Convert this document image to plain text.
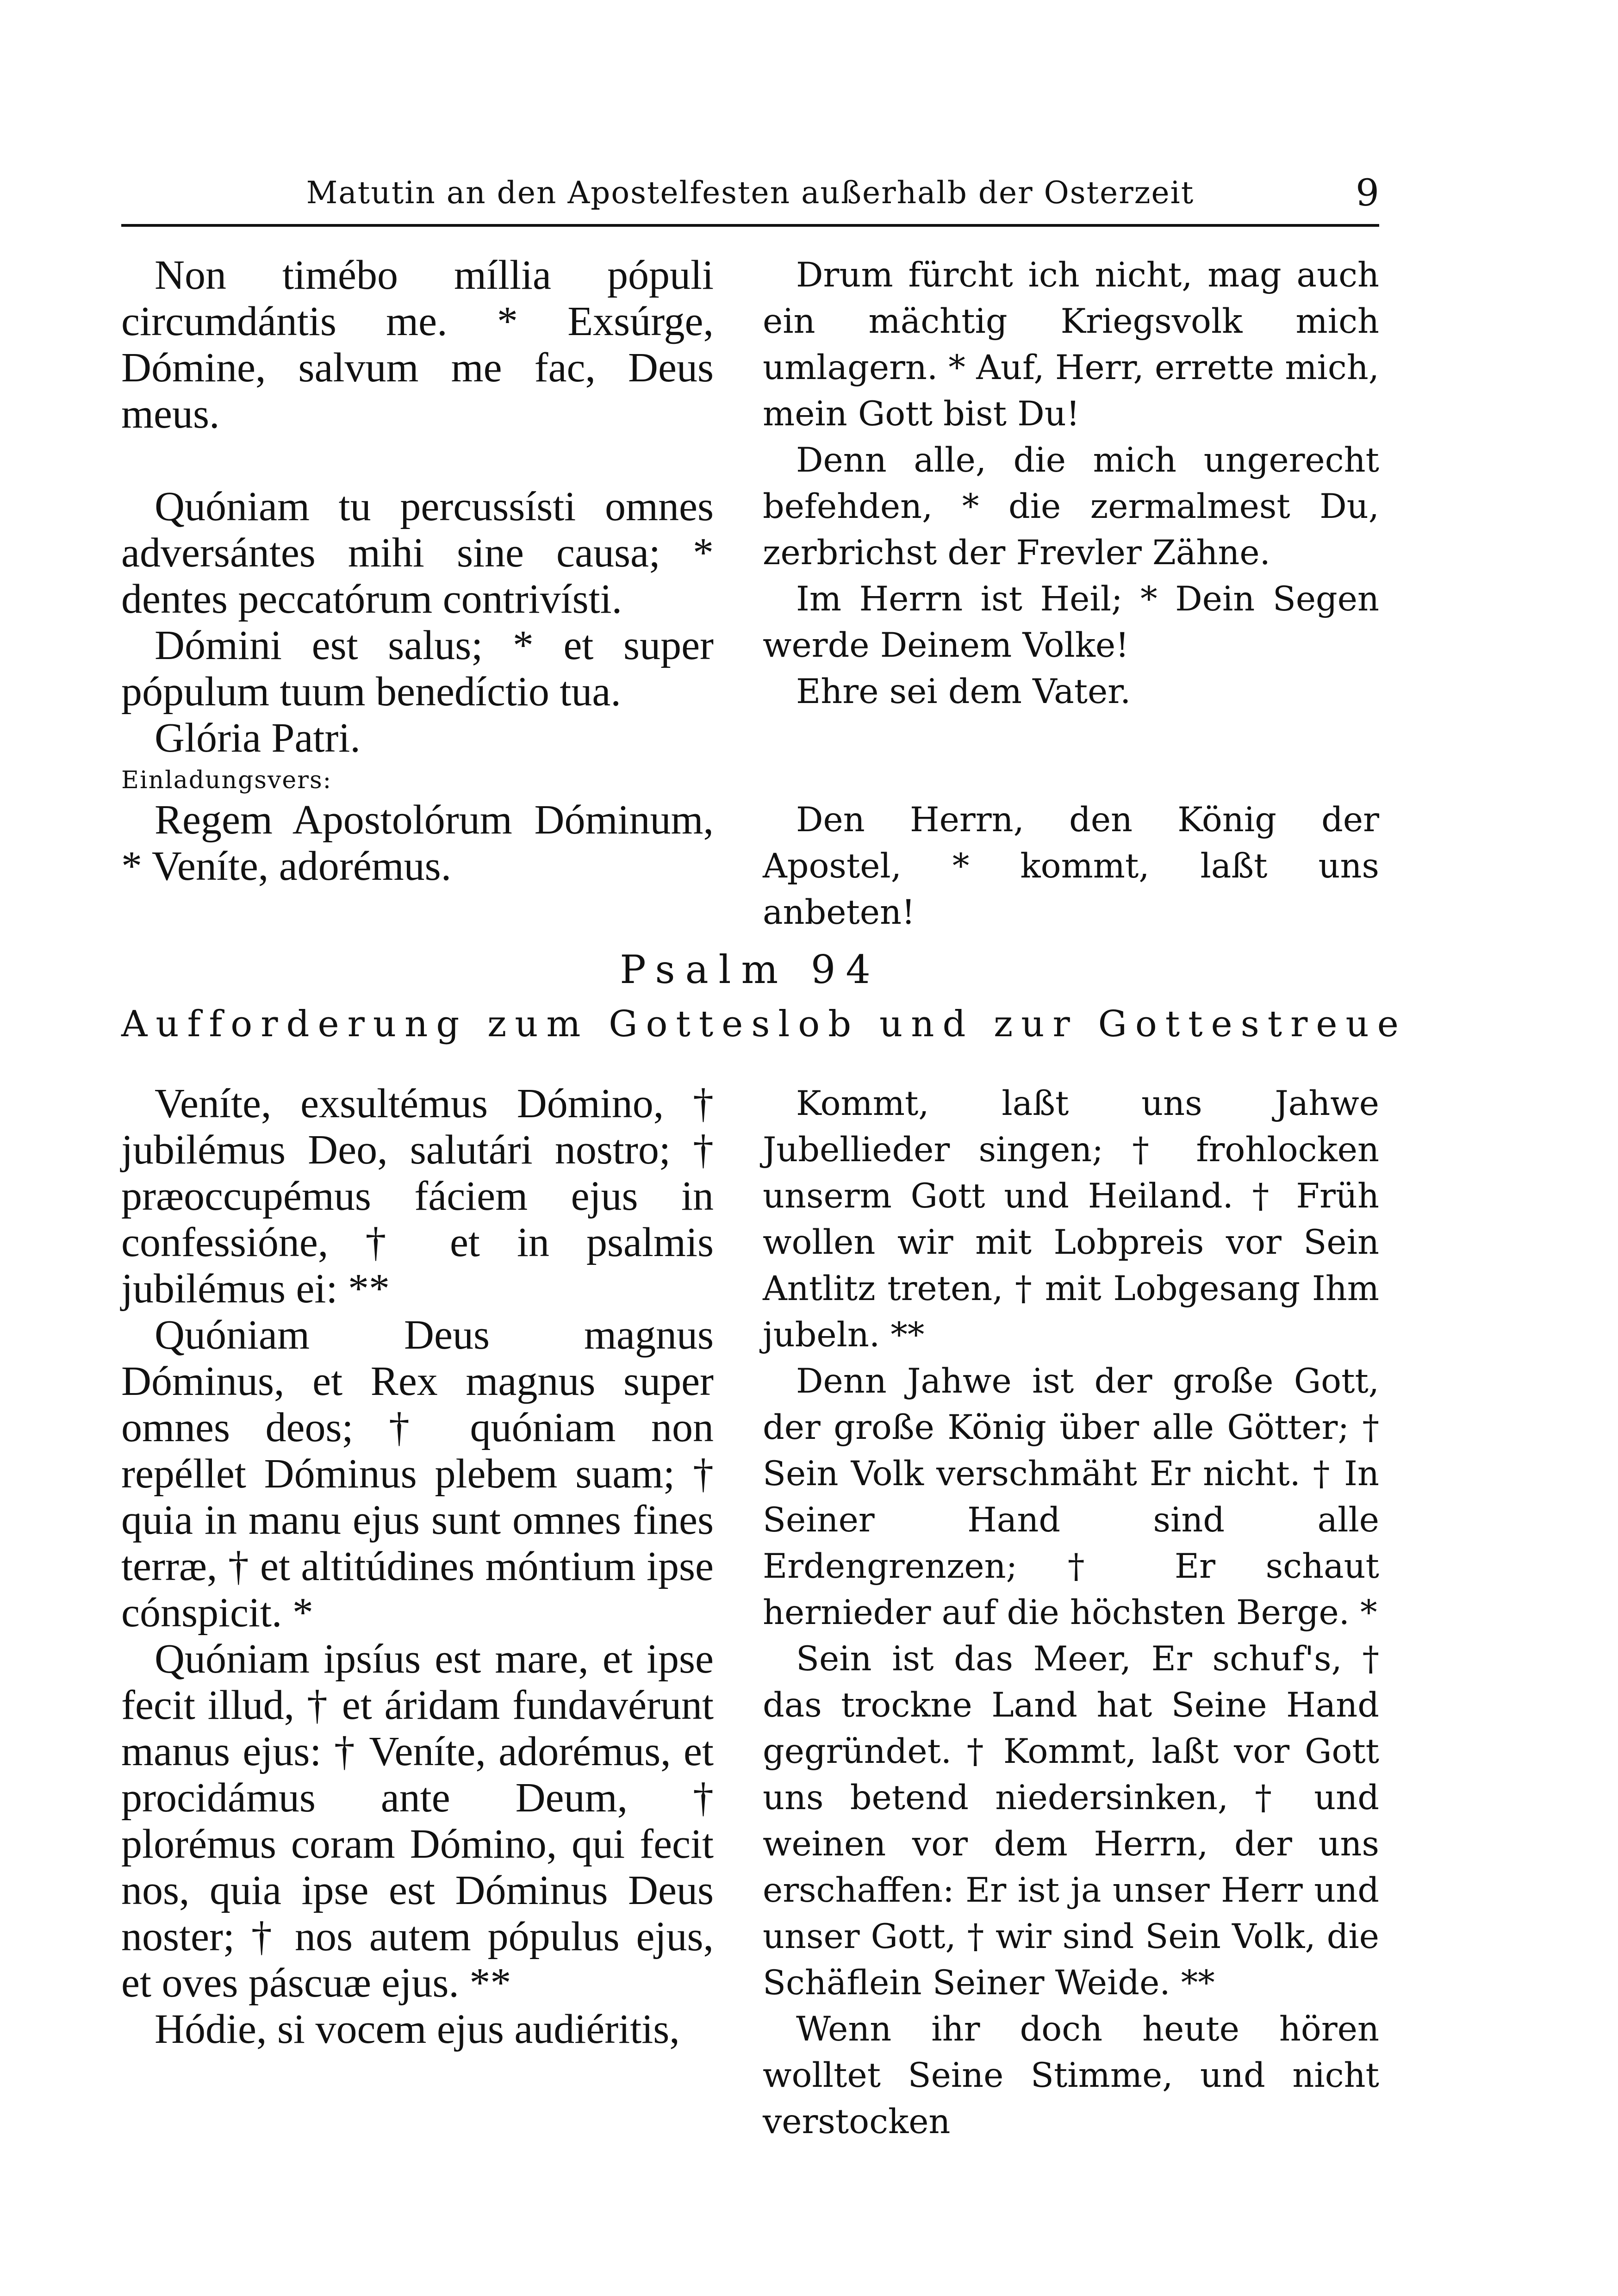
Matutin an den Apostelfesten außerhalb der Osterzeit	9

Non timébo míllia pópuli circumdántis me. * Exsúrge, Dómine, salvum me fac, Deus meus.

Quóniam tu percussísti omnes adversántes mihi sine causa; * dentes peccatórum contrivísti.

Dómini est salus; * et super pópulum tuum benedíctio tua.

Glória Patri.

Drum fürcht ich nicht, mag auch ein mächtig Kriegsvolk mich umlagern. * Auf, Herr, errette mich, mein Gott bist Du!

Denn alle, die mich ungerecht befehden, * die zermalmest Du, zerbrichst der Frevler Zähne.

Im Herrn ist Heil; * Dein Segen werde Deinem Volke!

Ehre sei dem Vater.

Einladungsvers:

Regem Apostolórum Dóminum, * Veníte, adorémus.

Den Herrn, den König der Apostel, * kommt, laßt uns anbeten!

Psalm 94
Aufforderung zum Gotteslob und zur Gottestreue

Veníte, exsultémus Dómino, † jubilémus Deo, salutári nostro; † præoccupémus fáciem ejus in confessióne, † et in psalmis jubilémus ei: **

Quóniam Deus magnus Dóminus, et Rex magnus super omnes deos; † quóniam non repéllet Dóminus plebem suam; † quia in manu ejus sunt omnes fines terræ, † et altitúdines móntium ipse cónspicit. *

Quóniam ipsíus est mare, et ipse fecit illud, † et áridam fundavérunt manus ejus: † Veníte, adorémus, et procidámus ante Deum, † plorémus coram Dómino, qui fecit nos, quia ipse est Dóminus Deus noster; † nos autem pópulus ejus, et oves páscuæ ejus. **

Hódie, si vocem ejus audiéritis,

Kommt, laßt uns Jahwe Jubellieder singen; † frohlocken unserm Gott und Heiland. † Früh wollen wir mit Lobpreis vor Sein Antlitz treten, † mit Lobgesang Ihm jubeln. **

Denn Jahwe ist der große Gott, der große König über alle Götter; † Sein Volk verschmäht Er nicht. † In Seiner Hand sind alle Erdengrenzen; † Er schaut hernieder auf die höchsten Berge. *

Sein ist das Meer, Er schuf's, † das trockne Land hat Seine Hand gegründet. † Kommt, laßt vor Gott uns betend niedersinken, † und weinen vor dem Herrn, der uns erschaffen: Er ist ja unser Herr und unser Gott, † wir sind Sein Volk, die Schäflein Seiner Weide. **

Wenn ihr doch heute hören wolltet Seine Stimme, und nicht verstocken
